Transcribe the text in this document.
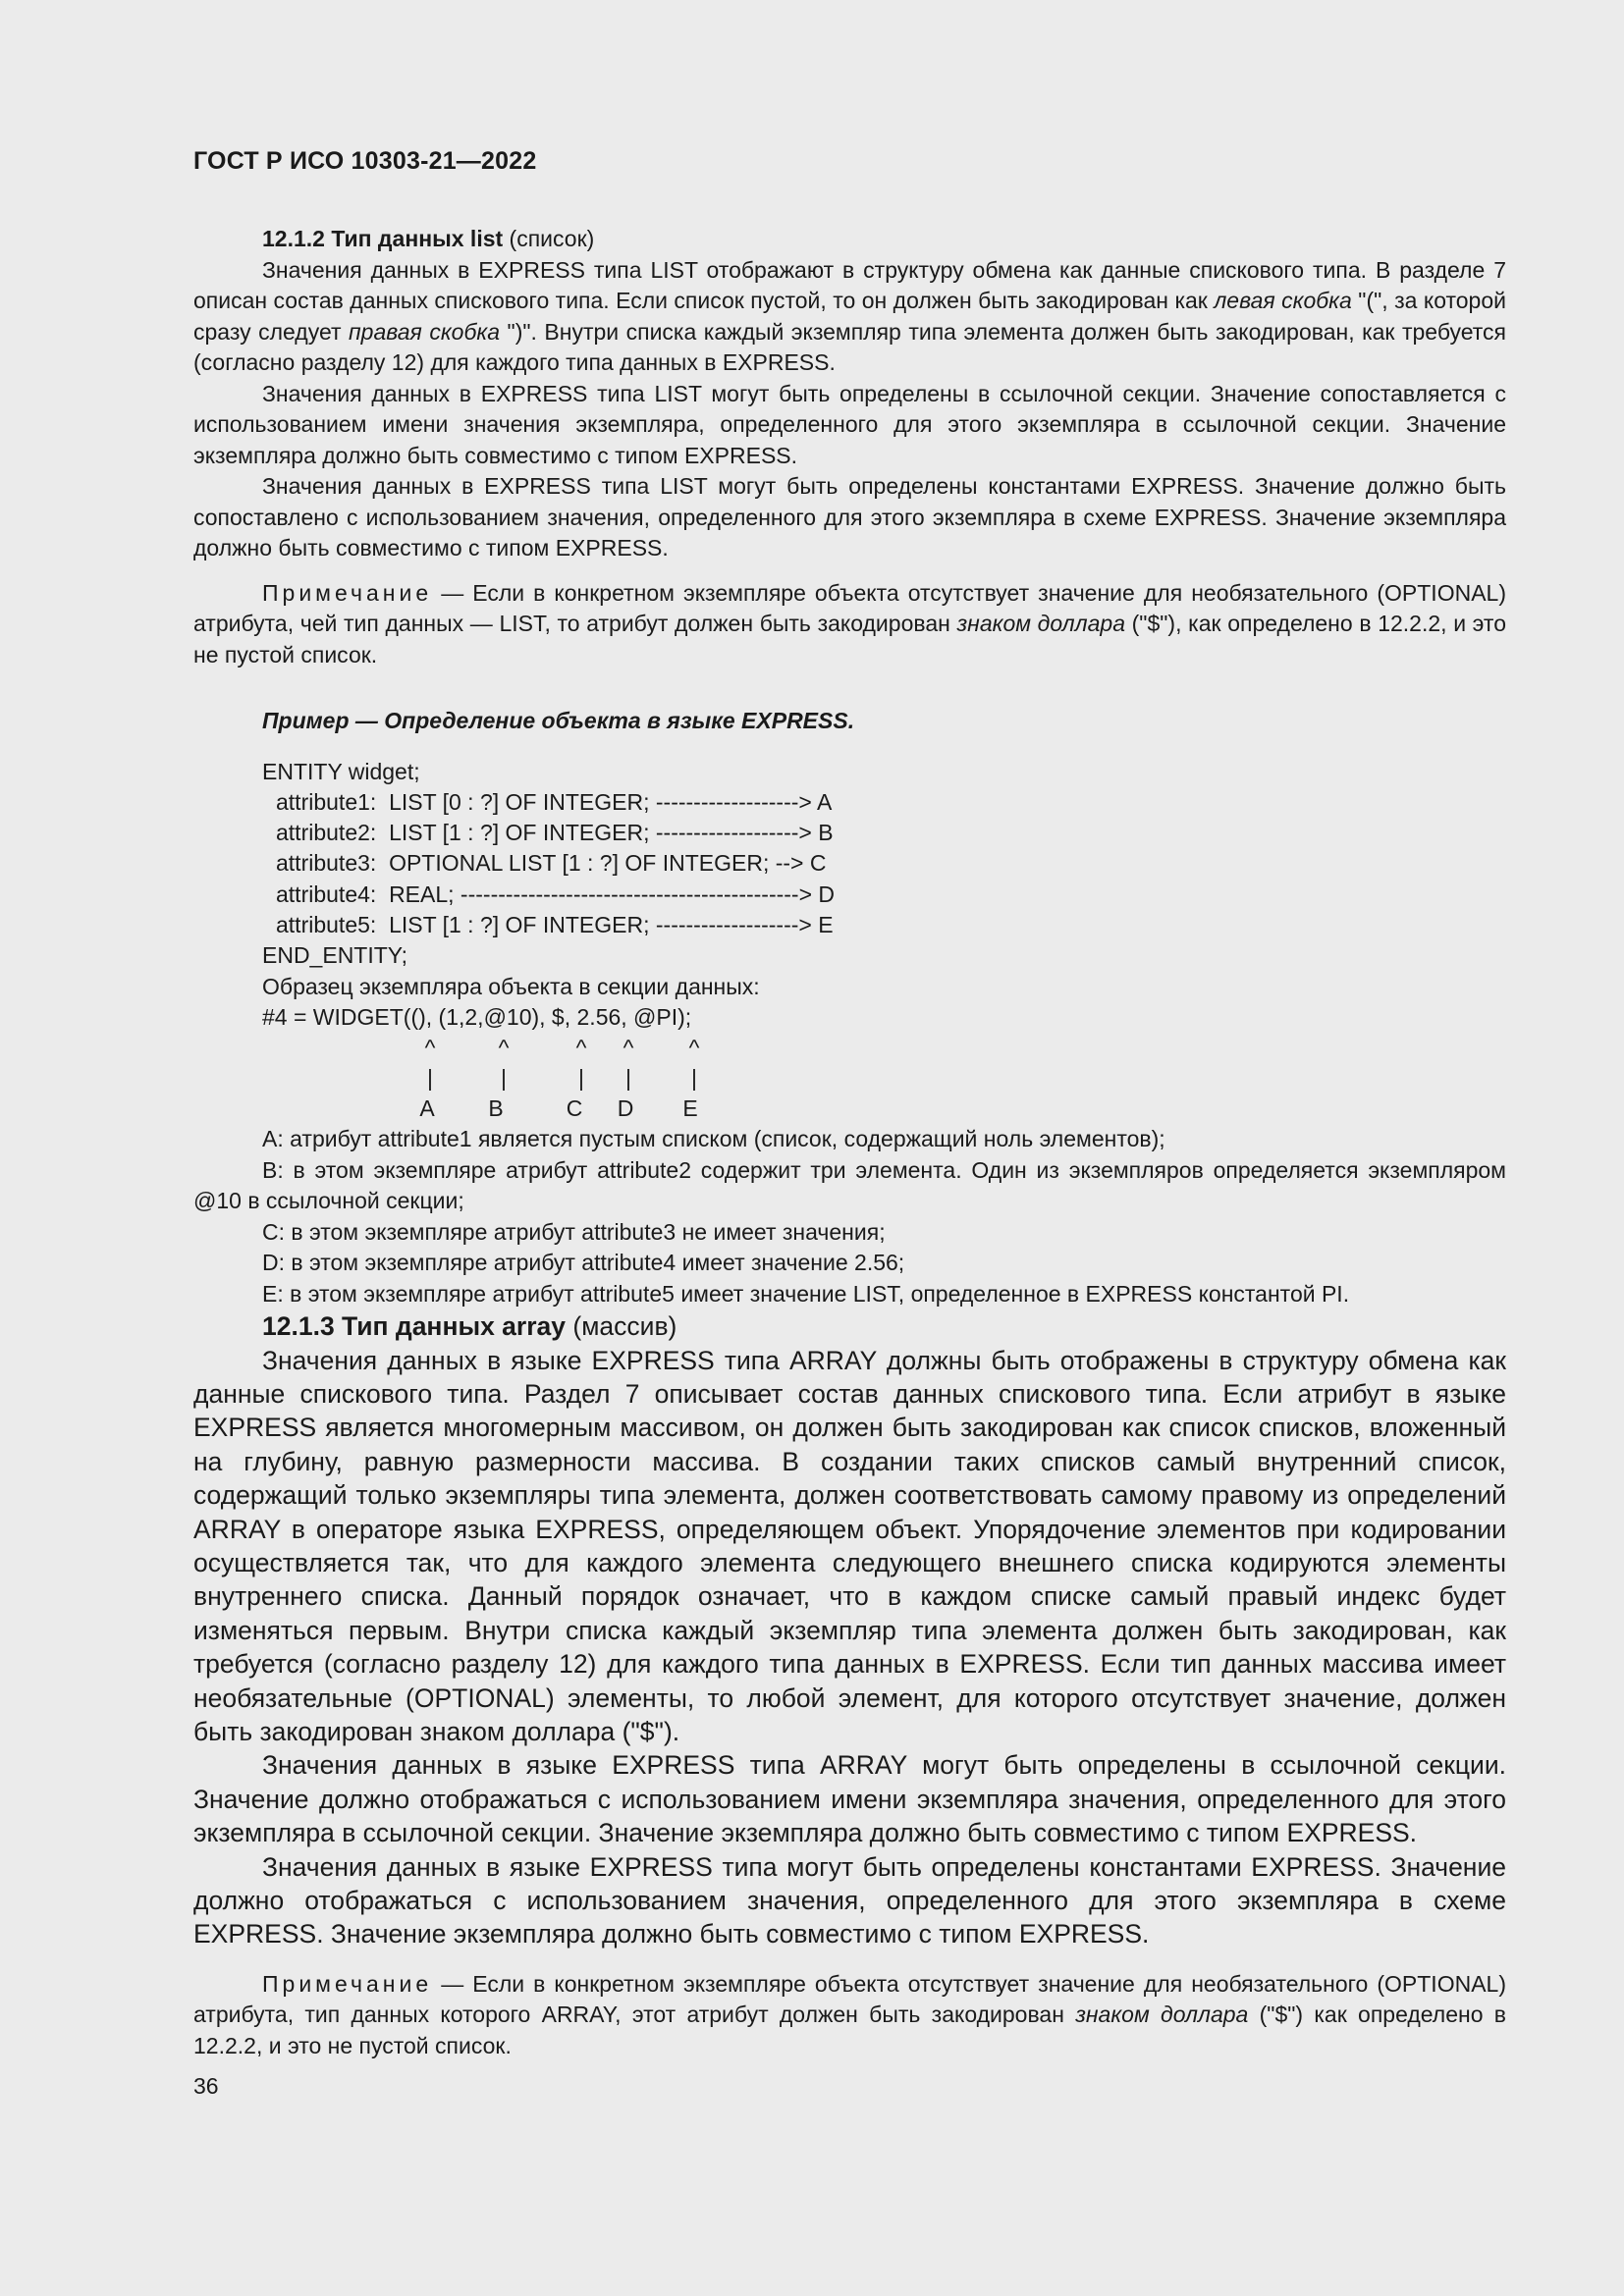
ГОСТ Р ИСО 10303-21—2022

12.1.2 Тип данных list (список)

Значения данных в EXPRESS типа LIST отображают в структуру обмена как данные спискового типа. В разделе 7 описан состав данных спискового типа. Если список пустой, то он должен быть закодирован как левая скобка "(", за которой сразу следует правая скобка ")". Внутри списка каждый экземпляр типа элемента должен быть закодирован, как требуется (согласно разделу 12) для каждого типа данных в EXPRESS.

Значения данных в EXPRESS типа LIST могут быть определены в ссылочной секции. Значение сопоставляется с использованием имени значения экземпляра, определенного для этого экземпляра в ссылочной секции. Значение экземпляра должно быть совместимо с типом EXPRESS.

Значения данных в EXPRESS типа LIST могут быть определены константами EXPRESS. Значение должно быть сопоставлено с использованием значения, определенного для этого экземпляра в схеме EXPRESS. Значение экземпляра должно быть совместимо с типом EXPRESS.

Примечание — Если в конкретном экземпляре объекта отсутствует значение для необязательного (OPTIONAL) атрибута, чей тип данных — LIST, то атрибут должен быть закодирован знаком доллара ("$"), как определено в 12.2.2, и это не пустой список.

Пример — Определение объекта в языке EXPRESS.

ENTITY widget;
attribute1:  LIST [0 : ?] OF INTEGER; -------------------> A
attribute2:  LIST [1 : ?] OF INTEGER; -------------------> B
attribute3:  OPTIONAL LIST [1 : ?] OF INTEGER; --> C
attribute4:  REAL; ---------------------------------------------> D
attribute5:  LIST [1 : ?] OF INTEGER; -------------------> E
END_ENTITY;
Образец экземпляра объекта в секции данных:
#4 = WIDGET((), (1,2,@10), $, 2.56, @PI);
^	^	^	^	^
|	|	|	|	|
A	B	C D	E

A: атрибут attribute1 является пустым списком (список, содержащий ноль элементов);

B: в этом экземпляре атрибут attribute2 содержит три элемента. Один из экземпляров определяется экземпляром @10 в ссылочной секции;

C: в этом экземпляре атрибут attribute3 не имеет значения;

D: в этом экземпляре атрибут attribute4 имеет значение 2.56;

E: в этом экземпляре атрибут attribute5 имеет значение LIST, определенное в EXPRESS константой PI.

12.1.3 Тип данных array (массив)

Значения данных в языке EXPRESS типа ARRAY должны быть отображены в структуру обмена как данные спискового типа. Раздел 7 описывает состав данных спискового типа. Если атрибут в языке EXPRESS является многомерным массивом, он должен быть закодирован как список списков, вложенный на глубину, равную размерности массива. В создании таких списков самый внутренний список, содержащий только экземпляры типа элемента, должен соответствовать самому правому из определений ARRAY в операторе языка EXPRESS, определяющем объект. Упорядочение элементов при кодировании осуществляется так, что для каждого элемента следующего внешнего списка кодируются элементы внутреннего списка. Данный порядок означает, что в каждом списке самый правый индекс будет изменяться первым. Внутри списка каждый экземпляр типа элемента должен быть закодирован, как требуется (согласно разделу 12) для каждого типа данных в EXPRESS. Если тип данных массива имеет необязательные (OPTIONAL) элементы, то любой элемент, для которого отсутствует значение, должен быть закодирован знаком доллара ("$").

Значения данных в языке EXPRESS типа ARRAY могут быть определены в ссылочной секции. Значение должно отображаться с использованием имени экземпляра значения, определенного для этого экземпляра в ссылочной секции. Значение экземпляра должно быть совместимо с типом EXPRESS.

Значения данных в языке EXPRESS типа могут быть определены константами EXPRESS. Значение должно отображаться с использованием значения, определенного для этого экземпляра в схеме EXPRESS. Значение экземпляра должно быть совместимо с типом EXPRESS.

Примечание — Если в конкретном экземпляре объекта отсутствует значение для необязательного (OPTIONAL) атрибута, тип данных которого ARRAY, этот атрибут должен быть закодирован знаком доллара ("$") как определено в 12.2.2, и это не пустой список.

36
